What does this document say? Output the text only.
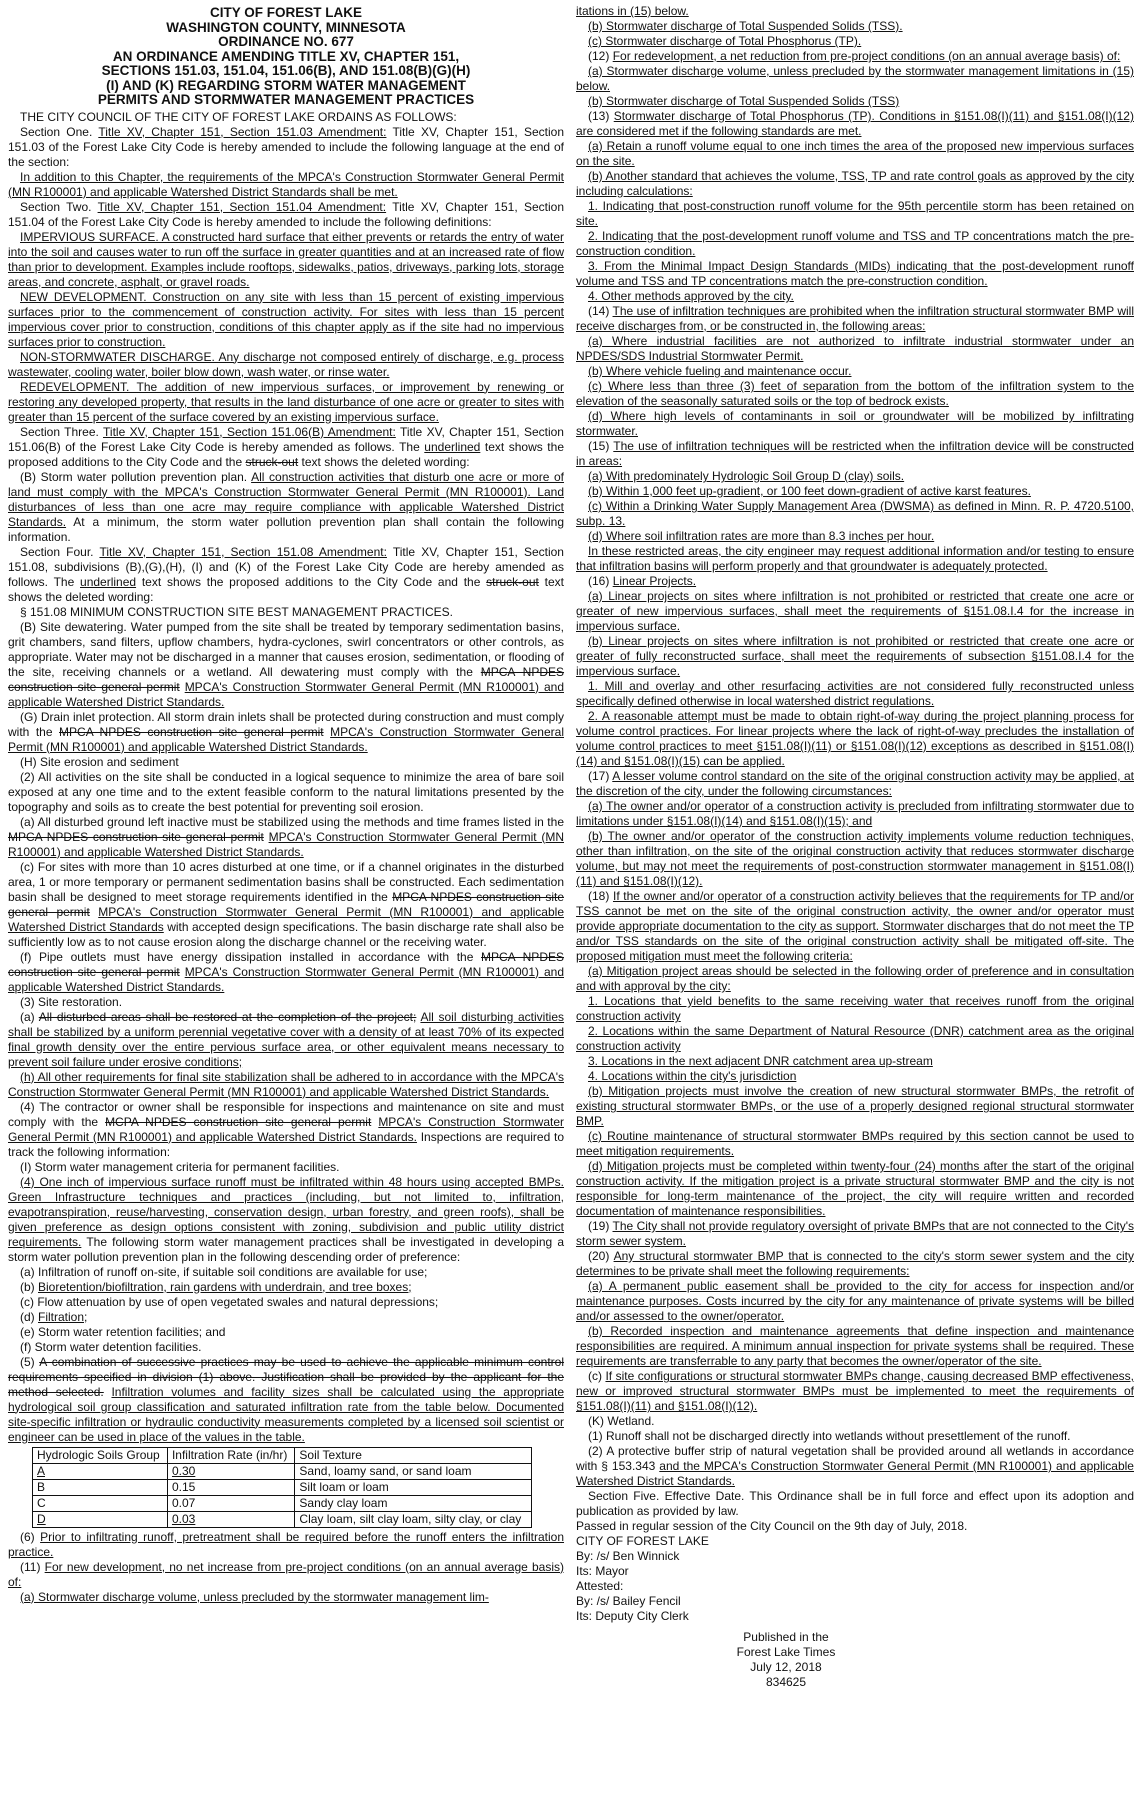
CITY OF FOREST LAKE
WASHINGTON COUNTY, MINNESOTA
ORDINANCE NO. 677
AN ORDINANCE AMENDING TITLE XV, CHAPTER 151,
SECTIONS 151.03, 151.04, 151.06(B), AND 151.08(B)(G)(H)
(I) AND (K) REGARDING STORM WATER MANAGEMENT
PERMITS AND STORMWATER MANAGEMENT PRACTICES

THE CITY COUNCIL OF THE CITY OF FOREST LAKE ORDAINS AS FOLLOWS:

Section One. Title XV, Chapter 151, Section 151.03 Amendment: Title XV, Chapter 151, Section 151.03 of the Forest Lake City Code is hereby amended to include the following language at the end of the section:

In addition to this Chapter, the requirements of the MPCA's Construction Stormwater General Permit (MN R100001) and applicable Watershed District Standards shall be met.

Section Two. Title XV, Chapter 151, Section 151.04 Amendment: Title XV, Chapter 151, Section 151.04 of the Forest Lake City Code is hereby amended to include the following definitions:

IMPERVIOUS SURFACE. A constructed hard surface that either prevents or retards the entry of water into the soil and causes water to run off the surface in greater quantities and at an increased rate of flow than prior to development. Examples include rooftops, sidewalks, patios, driveways, parking lots, storage areas, and concrete, asphalt, or gravel roads.

NEW DEVELOPMENT. Construction on any site with less than 15 percent of existing impervious surfaces prior to the commencement of construction activity. For sites with less than 15 percent impervious cover prior to construction, conditions of this chapter apply as if the site had no impervious surfaces prior to construction.

NON-STORMWATER DISCHARGE. Any discharge not composed entirely of discharge, e.g. process wastewater, cooling water, boiler blow down, wash water, or rinse water.

REDEVELOPMENT. The addition of new impervious surfaces, or improvement by renewing or restoring any developed property, that results in the land disturbance of one acre or greater to sites with greater than 15 percent of the surface covered by an existing impervious surface.

Section Three. Title XV, Chapter 151, Section 151.06(B) Amendment: Title XV, Chapter 151, Section 151.06(B) of the Forest Lake City Code is hereby amended as follows. The underlined text shows the proposed additions to the City Code and the struck-out text shows the deleted wording:

(B) Storm water pollution prevention plan. All construction activities that disturb one acre or more of land must comply with the MPCA's Construction Stormwater General Permit (MN R100001). Land disturbances of less than one acre may require compliance with applicable Watershed District Standards. At a minimum, the storm water pollution prevention plan shall contain the following information.

Section Four. Title XV, Chapter 151, Section 151.08 Amendment: Title XV, Chapter 151, Section 151.08, subdivisions (B),(G),(H), (I) and (K) of the Forest Lake City Code are hereby amended as follows. The underlined text shows the proposed additions to the City Code and the struck-out text shows the deleted wording:

§ 151.08 MINIMUM CONSTRUCTION SITE BEST MANAGEMENT PRACTICES.

(B) Site dewatering. Water pumped from the site shall be treated by temporary sedimentation basins, grit chambers, sand filters, upflow chambers, hydra-cyclones, swirl concentrators or other controls, as appropriate. Water may not be discharged in a manner that causes erosion, sedimentation, or flooding of the site, receiving channels or a wetland. All dewatering must comply with the MPCA NPDES construction site general permit MPCA's Construction Stormwater General Permit (MN R100001) and applicable Watershed District Standards.

(G) Drain inlet protection. All storm drain inlets shall be protected during construction and must comply with the MPCA NPDES construction site general permit MPCA's Construction Stormwater General Permit (MN R100001) and applicable Watershed District Standards.

(H) Site erosion and sediment

(2) All activities on the site shall be conducted in a logical sequence to minimize the area of bare soil exposed at any one time and to the extent feasible conform to the natural limitations presented by the topography and soils as to create the best potential for preventing soil erosion.

(a) All disturbed ground left inactive must be stabilized using the methods and time frames listed in the MPCA NPDES construction site general permit MPCA's Construction Stormwater General Permit (MN R100001) and applicable Watershed District Standards.

(c) For sites with more than 10 acres disturbed at one time, or if a channel originates in the disturbed area, 1 or more temporary or permanent sedimentation basins shall be constructed. Each sedimentation basin shall be designed to meet storage requirements identified in the MPCA NPDES construction site general permit MPCA's Construction Stormwater General Permit (MN R100001) and applicable Watershed District Standards with accepted design specifications. The basin discharge rate shall also be sufficiently low as to not cause erosion along the discharge channel or the receiving water.

(f) Pipe outlets must have energy dissipation installed in accordance with the MPCA NPDES construction site general permit MPCA's Construction Stormwater General Permit (MN R100001) and applicable Watershed District Standards.

(3) Site restoration.

(a) All disturbed areas shall be restored at the completion of the project; All soil disturbing activities shall be stabilized by a uniform perennial vegetative cover with a density of at least 70% of its expected final growth density over the entire pervious surface area, or other equivalent means necessary to prevent soil failure under erosive conditions;

(h) All other requirements for final site stabilization shall be adhered to in accordance with the MPCA's Construction Stormwater General Permit (MN R100001) and applicable Watershed District Standards.

(4) The contractor or owner shall be responsible for inspections and maintenance on site and must comply with the MCPA NPDES construction site general permit MPCA's Construction Stormwater General Permit (MN R100001) and applicable Watershed District Standards. Inspections are required to track the following information:

(I) Storm water management criteria for permanent facilities.

(4) One inch of impervious surface runoff must be infiltrated within 48 hours using accepted BMPs. Green Infrastructure techniques and practices (including, but not limited to, infiltration, evapotranspiration, reuse/harvesting, conservation design, urban forestry, and green roofs), shall be given preference as design options consistent with zoning, subdivision and public utility district requirements. The following storm water management practices shall be investigated in developing a storm water pollution prevention plan in the following descending order of preference:

(a) Infiltration of runoff on-site, if suitable soil conditions are available for use;

(b) Bioretention/biofiltration, rain gardens with underdrain, and tree boxes;

(c) Flow attenuation by use of open vegetated swales and natural depressions;

(d) Filtration;

(e) Storm water retention facilities; and

(f) Storm water detention facilities.

(5) A combination of successive practices may be used to achieve the applicable minimum control requirements specified in division (1) above. Justification shall be provided by the applicant for the method selected. Infiltration volumes and facility sizes shall be calculated using the appropriate hydrological soil group classification and saturated infiltration rate from the table below. Documented site-specific infiltration or hydraulic conductivity measurements completed by a licensed soil scientist or engineer can be used in place of the values in the table.

Hydrologic Soils Group	Infiltration Rate (in/hr)	Soil Texture
A	0.30	Sand, loamy sand, or sand loam
B	0.15	Silt loam or loam
C	0.07	Sandy clay loam
D	0.03	Clay loam, silt clay loam, silty clay, or clay

(6) Prior to infiltrating runoff, pretreatment shall be required before the runoff enters the infiltration practice.

(11) For new development, no net increase from pre-project conditions (on an annual average basis) of:

(a) Stormwater discharge volume, unless precluded by the stormwater management lim-

itations in (15) below.

(b) Stormwater discharge of Total Suspended Solids (TSS).

(c) Stormwater discharge of Total Phosphorus (TP).

(12) For redevelopment, a net reduction from pre-project conditions (on an annual average basis) of:

(a) Stormwater discharge volume, unless precluded by the stormwater management limitations in (15) below.

(b) Stormwater discharge of Total Suspended Solids (TSS)

(13) Stormwater discharge of Total Phosphorus (TP). Conditions in §151.08(I)(11) and §151.08(I)(12) are considered met if the following standards are met.

(a) Retain a runoff volume equal to one inch times the area of the proposed new impervious surfaces on the site.

(b) Another standard that achieves the volume, TSS, TP and rate control goals as approved by the city including calculations:

1. Indicating that post-construction runoff volume for the 95th percentile storm has been retained on site.

2. Indicating that the post-development runoff volume and TSS and TP concentrations match the pre-construction condition.

3. From the Minimal Impact Design Standards (MIDs) indicating that the post-development runoff volume and TSS and TP concentrations match the pre-construction condition.

4. Other methods approved by the city.

(14) The use of infiltration techniques are prohibited when the infiltration structural stormwater BMP will receive discharges from, or be constructed in, the following areas:

(a) Where industrial facilities are not authorized to infiltrate industrial stormwater under an NPDES/SDS Industrial Stormwater Permit.

(b) Where vehicle fueling and maintenance occur.

(c) Where less than three (3) feet of separation from the bottom of the infiltration system to the elevation of the seasonally saturated soils or the top of bedrock exists.

(d) Where high levels of contaminants in soil or groundwater will be mobilized by infiltrating stormwater.

(15) The use of infiltration techniques will be restricted when the infiltration device will be constructed in areas:

(a) With predominately Hydrologic Soil Group D (clay) soils.

(b) Within 1,000 feet up-gradient, or 100 feet down-gradient of active karst features.

(c) Within a Drinking Water Supply Management Area (DWSMA) as defined in Minn. R. P. 4720.5100, subp. 13.

(d) Where soil infiltration rates are more than 8.3 inches per hour.

In these restricted areas, the city engineer may request additional information and/or testing to ensure that infiltration basins will perform properly and that groundwater is adequately protected.

(16) Linear Projects.

(a) Linear projects on sites where infiltration is not prohibited or restricted that create one acre or greater of new impervious surfaces, shall meet the requirements of §151.08.I.4 for the increase in impervious surface.

(b) Linear projects on sites where infiltration is not prohibited or restricted that create one acre or greater of fully reconstructed surface, shall meet the requirements of subsection §151.08.I.4 for the impervious surface.

1. Mill and overlay and other resurfacing activities are not considered fully reconstructed unless specifically defined otherwise in local watershed district regulations.

2. A reasonable attempt must be made to obtain right-of-way during the project planning process for volume control practices. For linear projects where the lack of right-of-way precludes the installation of volume control practices to meet §151.08(I)(11) or §151.08(I)(12) exceptions as described in §151.08(I)(14) and §151.08(I)(15) can be applied.

(17) A lesser volume control standard on the site of the original construction activity may be applied, at the discretion of the city, under the following circumstances:

(a) The owner and/or operator of a construction activity is precluded from infiltrating stormwater due to limitations under §151.08(I)(14) and §151.08(I)(15); and

(b) The owner and/or operator of the construction activity implements volume reduction techniques, other than infiltration, on the site of the original construction activity that reduces stormwater discharge volume, but may not meet the requirements of post-construction stormwater management in §151.08(I)(11) and §151.08(I)(12).

(18) If the owner and/or operator of a construction activity believes that the requirements for TP and/or TSS cannot be met on the site of the original construction activity, the owner and/or operator must provide appropriate documentation to the city as support. Stormwater discharges that do not meet the TP and/or TSS standards on the site of the original construction activity shall be mitigated off-site. The proposed mitigation must meet the following criteria:

(a) Mitigation project areas should be selected in the following order of preference and in consultation and with approval by the city:

1. Locations that yield benefits to the same receiving water that receives runoff from the original construction activity

2. Locations within the same Department of Natural Resource (DNR) catchment area as the original construction activity

3. Locations in the next adjacent DNR catchment area up-stream

4. Locations within the city's jurisdiction

(b) Mitigation projects must involve the creation of new structural stormwater BMPs, the retrofit of existing structural stormwater BMPs, or the use of a properly designed regional structural stormwater BMP.

(c) Routine maintenance of structural stormwater BMPs required by this section cannot be used to meet mitigation requirements.

(d) Mitigation projects must be completed within twenty-four (24) months after the start of the original construction activity. If the mitigation project is a private structural stormwater BMP and the city is not responsible for long-term maintenance of the project, the city will require written and recorded documentation of maintenance responsibilities.

(19) The City shall not provide regulatory oversight of private BMPs that are not connected to the City's storm sewer system.

(20) Any structural stormwater BMP that is connected to the city's storm sewer system and the city determines to be private shall meet the following requirements:

(a) A permanent public easement shall be provided to the city for access for inspection and/or maintenance purposes. Costs incurred by the city for any maintenance of private systems will be billed and/or assessed to the owner/operator.

(b) Recorded inspection and maintenance agreements that define inspection and maintenance responsibilities are required. A minimum annual inspection for private systems shall be required. These requirements are transferrable to any party that becomes the owner/operator of the site.

(c) If site configurations or structural stormwater BMPs change, causing decreased BMP effectiveness, new or improved structural stormwater BMPs must be implemented to meet the requirements of §151.08(I)(11) and §151.08(I)(12).

(K) Wetland.

(1) Runoff shall not be discharged directly into wetlands without presettlement of the runoff.

(2) A protective buffer strip of natural vegetation shall be provided around all wetlands in accordance with § 153.343 and the MPCA's Construction Stormwater General Permit (MN R100001) and applicable Watershed District Standards.

Section Five. Effective Date. This Ordinance shall be in full force and effect upon its adoption and publication as provided by law.

Passed in regular session of the City Council on the 9th day of July, 2018.

CITY OF FOREST LAKE

By: /s/ Ben Winnick

Its: Mayor

Attested:

By: /s/ Bailey Fencil

Its: Deputy City Clerk

Published in the
Forest Lake Times
July 12, 2018
834625
